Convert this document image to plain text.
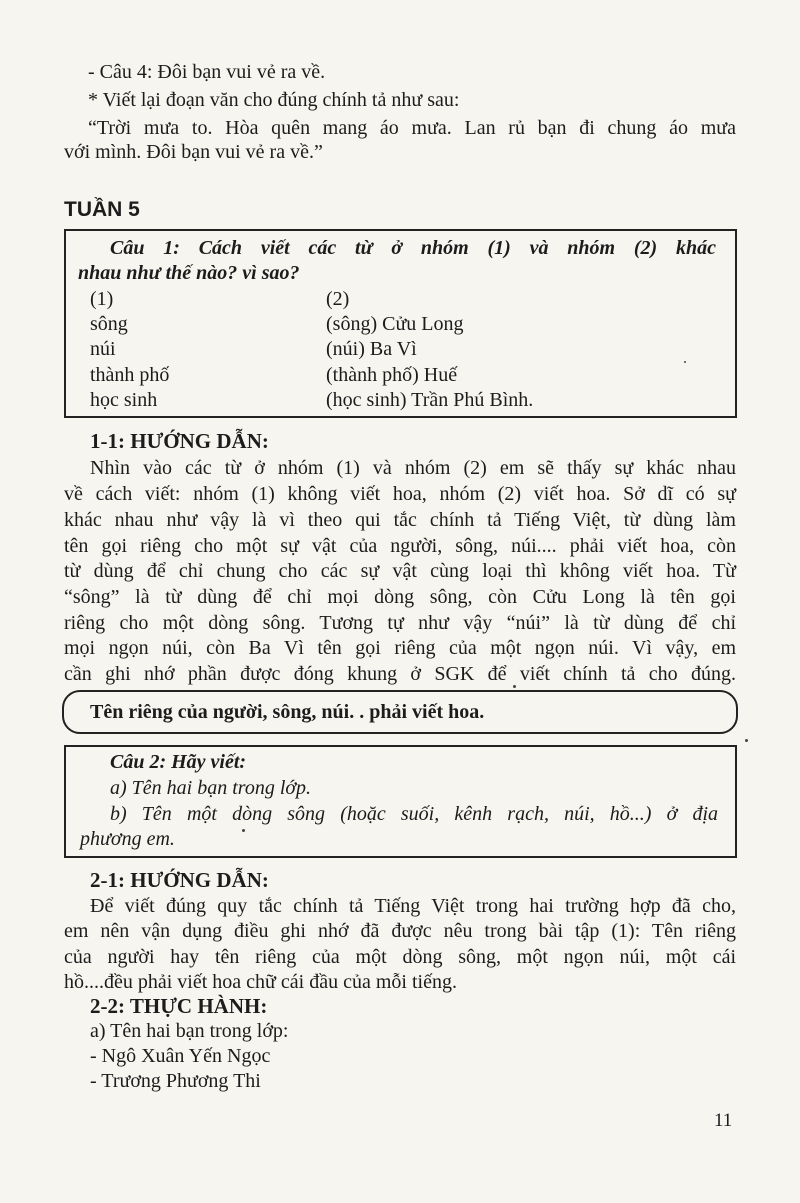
- Câu 4: Đôi bạn vui vẻ ra về.
* Viết lại đoạn văn cho đúng chính tả như sau:
“Trời mưa to. Hòa quên mang áo mưa. Lan rủ bạn đi chung áo mưa
với mình. Đôi bạn vui vẻ ra về.”
TUẦN 5
Câu 1: Cách viết các từ ở nhóm (1) và nhóm (2) khác
nhau như thế nào? vì sao?
(1)	(2)
sông	(sông) Cửu Long
núi	(núi) Ba Vì
thành phố	(thành phố) Huế
học sinh	(học sinh) Trần Phú Bình.
1-1: HƯỚNG DẪN:
Nhìn vào các từ ở nhóm (1) và nhóm (2) em sẽ thấy sự khác nhau
về cách viết: nhóm (1) không viết hoa, nhóm (2) viết hoa. Sở dĩ có sự
khác nhau như vậy là vì theo qui tắc chính tả Tiếng Việt, từ dùng làm
tên gọi riêng cho một sự vật của người, sông, núi.... phải viết hoa, còn
từ dùng để chỉ chung cho các sự vật cùng loại thì không viết hoa. Từ
“sông” là từ dùng để chỉ mọi dòng sông, còn Cửu Long là tên gọi
riêng cho một dòng sông. Tương tự như vậy “núi” là từ dùng để chỉ
mọi ngọn núi, còn Ba Vì tên gọi riêng của một ngọn núi. Vì vậy, em
cần ghi nhớ phần được đóng khung ở SGK để viết chính tả cho đúng.
Tên riêng của người, sông, núi. . phải viết hoa.
Câu 2: Hãy viết:
a) Tên hai bạn trong lớp.
b) Tên một dòng sông (hoặc suối, kênh rạch, núi, hồ...) ở địa
phương em.
2-1: HƯỚNG DẪN:
Để viết đúng quy tắc chính tả Tiếng Việt trong hai trường hợp đã cho,
em nên vận dụng điều ghi nhớ đã được nêu trong bài tập (1): Tên riêng
của người hay tên riêng của một dòng sông, một ngọn núi, một cái
hồ....đều phải viết hoa chữ cái đầu của mỗi tiếng.
2-2: THỰC HÀNH:
a) Tên hai bạn trong lớp:
- Ngô Xuân Yến Ngọc
- Trương Phương Thi
11
